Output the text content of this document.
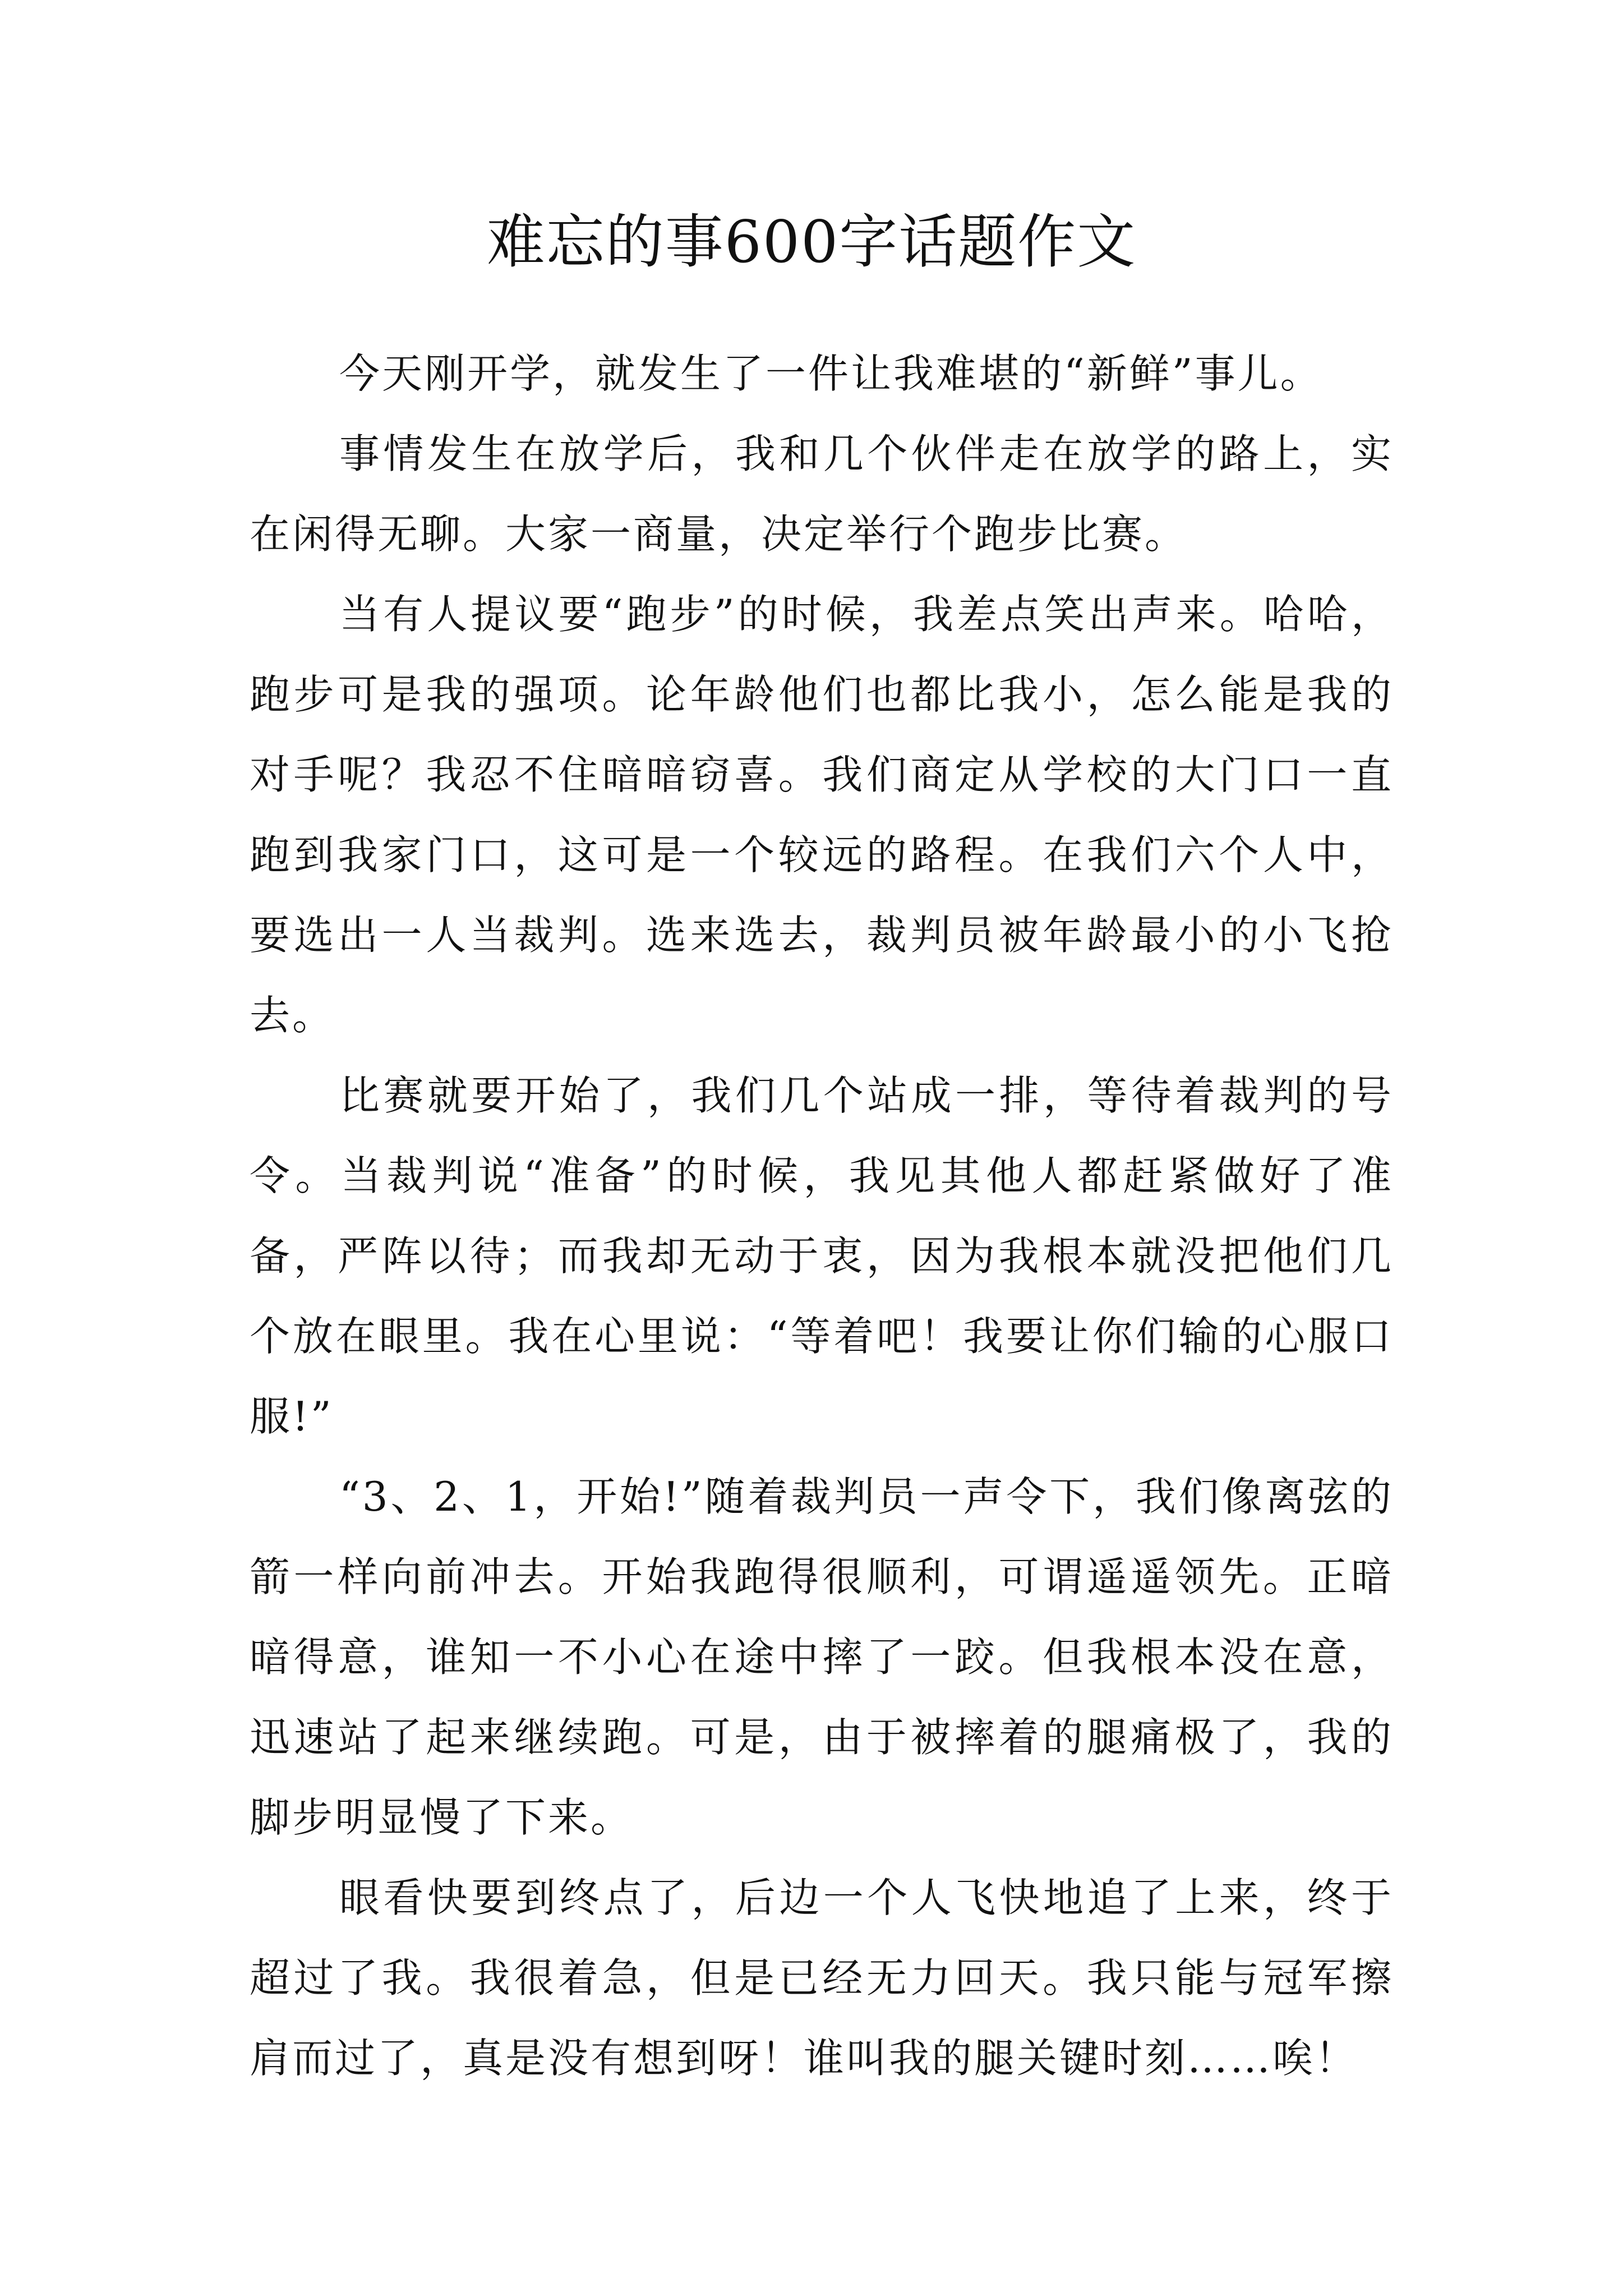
难忘的事600字话题作文

今天刚开学，就发生了一件让我难堪的“新鲜”事儿。

事情发生在放学后，我和几个伙伴走在放学的路上，实在闲得无聊。大家一商量，决定举行个跑步比赛。

当有人提议要“跑步”的时候，我差点笑出声来。哈哈，跑步可是我的强项。论年龄他们也都比我小，怎么能是我的对手呢？我忍不住暗暗窃喜。我们商定从学校的大门口一直跑到我家门口，这可是一个较远的路程。在我们六个人中，要选出一人当裁判。选来选去，裁判员被年龄最小的小飞抢去。

比赛就要开始了，我们几个站成一排，等待着裁判的号令。当裁判说“准备”的时候，我见其他人都赶紧做好了准备，严阵以待；而我却无动于衷，因为我根本就没把他们几个放在眼里。我在心里说：“等着吧！我要让你们输的心服口服!”

“3、2、1，开始!”随着裁判员一声令下，我们像离弦的箭一样向前冲去。开始我跑得很顺利，可谓遥遥领先。正暗暗得意，谁知一不小心在途中摔了一跤。但我根本没在意，迅速站了起来继续跑。可是，由于被摔着的腿痛极了，我的脚步明显慢了下来。

眼看快要到终点了，后边一个人飞快地追了上来，终于超过了我。我很着急，但是已经无力回天。我只能与冠军擦肩而过了，真是没有想到呀！谁叫我的腿关键时刻……唉！
